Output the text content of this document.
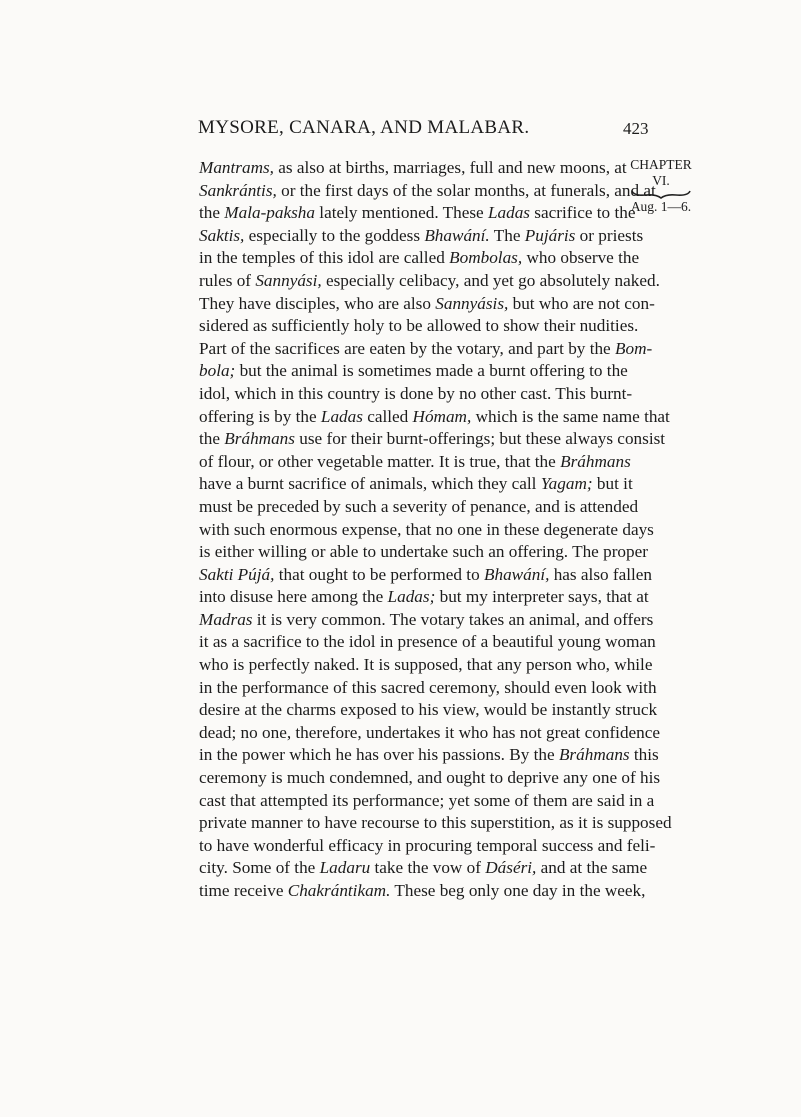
MYSORE, CANARA, AND MALABAR.	423
CHAPTER
VI.
Aug. 1—6.
Mantrams, as also at births, marriages, full and new moons, at
Sankrántis, or the first days of the solar months, at funerals, and at
the Mala-paksha lately mentioned. These Ladas sacrifice to the
Saktis, especially to the goddess Bhawání. The Pujáris or priests
in the temples of this idol are called Bombolas, who observe the
rules of Sannyási, especially celibacy, and yet go absolutely naked.
They have disciples, who are also Sannyásis, but who are not con-
sidered as sufficiently holy to be allowed to show their nudities.
Part of the sacrifices are eaten by the votary, and part by the Bom-
bola; but the animal is sometimes made a burnt offering to the
idol, which in this country is done by no other cast. This burnt-
offering is by the Ladas called Hómam, which is the same name that
the Bráhmans use for their burnt-offerings; but these always consist
of flour, or other vegetable matter. It is true, that the Bráhmans
have a burnt sacrifice of animals, which they call Yagam; but it
must be preceded by such a severity of penance, and is attended
with such enormous expense, that no one in these degenerate days
is either willing or able to undertake such an offering. The proper
Sakti Pújá, that ought to be performed to Bhawání, has also fallen
into disuse here among the Ladas; but my interpreter says, that at
Madras it is very common. The votary takes an animal, and offers
it as a sacrifice to the idol in presence of a beautiful young woman
who is perfectly naked. It is supposed, that any person who, while
in the performance of this sacred ceremony, should even look with
desire at the charms exposed to his view, would be instantly struck
dead; no one, therefore, undertakes it who has not great confidence
in the power which he has over his passions. By the Bráhmans this
ceremony is much condemned, and ought to deprive any one of his
cast that attempted its performance; yet some of them are said in a
private manner to have recourse to this superstition, as it is supposed
to have wonderful efficacy in procuring temporal success and feli-
city. Some of the Ladaru take the vow of Dáséri, and at the same
time receive Chakrántikam. These beg only one day in the week,
